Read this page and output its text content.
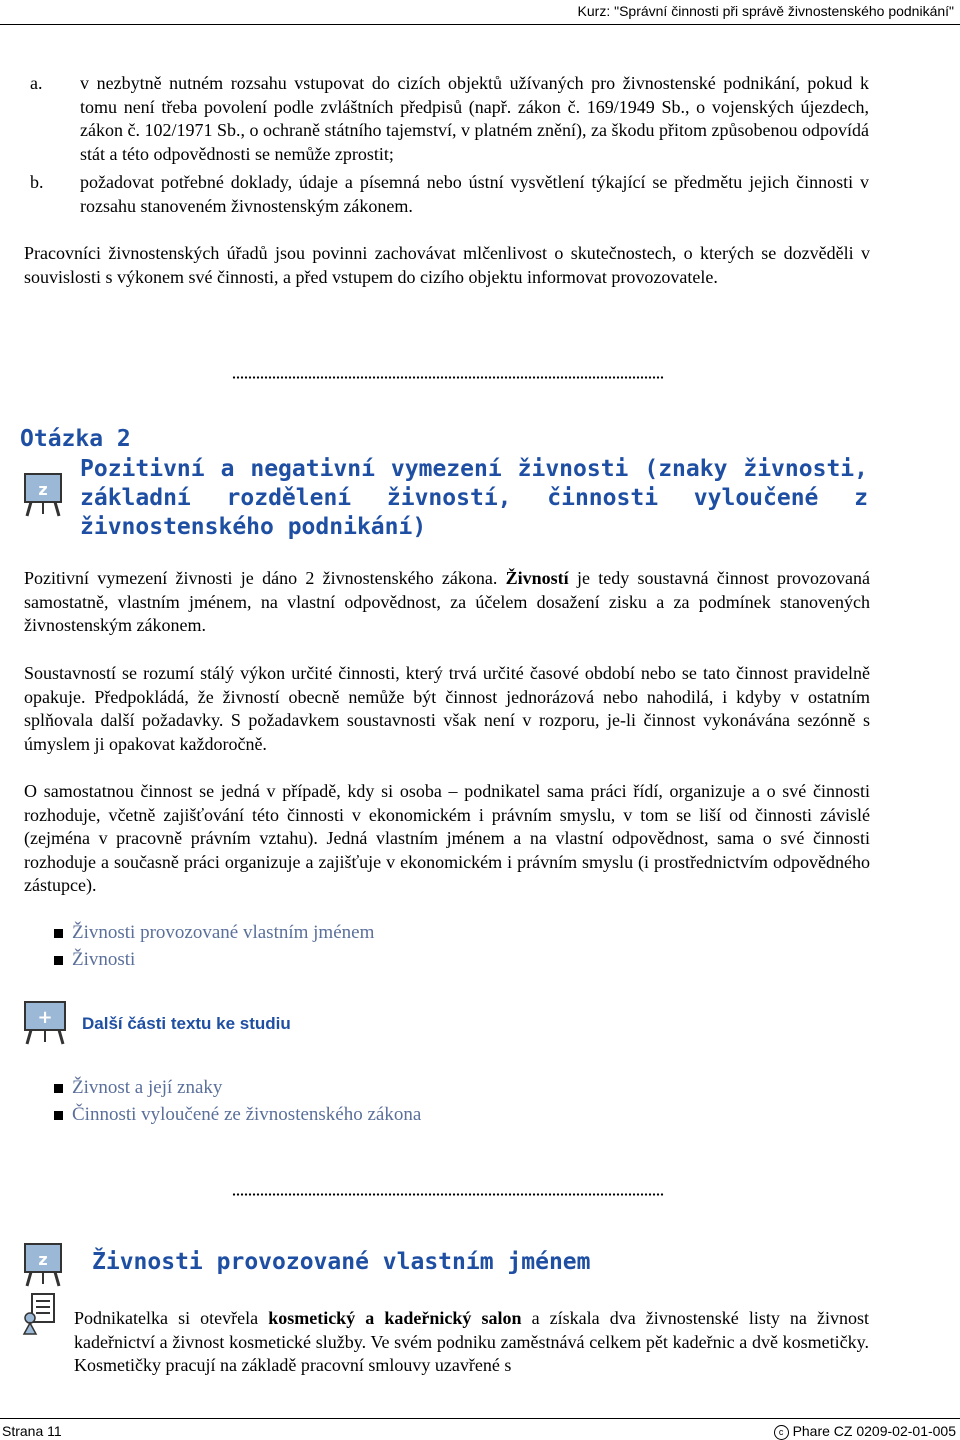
Kurz: "Správní činnosti při správě živnostenského podnikání"
a. v nezbytně nutném rozsahu vstupovat do cizích objektů užívaných pro živnostenské podnikání, pokud k tomu není třeba povolení podle zvláštních předpisů (např. zákon č. 169/1949 Sb., o vojenských újezdech, zákon č. 102/1971 Sb., o ochraně státního tajemství, v platném znění), za škodu přitom způsobenou odpovídá stát a této odpovědnosti se nemůže zprostit;
b. požadovat potřebné doklady, údaje a písemná nebo ústní vysvětlení týkající se předmětu jejich činnosti v rozsahu stanoveném živnostenským zákonem.
Pracovníci živnostenských úřadů jsou povinni zachovávat mlčenlivost o skutečnostech, o kterých se dozvěděli v souvislosti s výkonem své činnosti, a před vstupem do cizího objektu informovat provozovatele.
Otázka 2
z
Pozitivní a negativní vymezení živnosti (znaky živnosti, základní rozdělení živností, činnosti vyloučené z živnostenského podnikání)
Pozitivní vymezení živnosti je dáno 2 živnostenského zákona. Živností je tedy soustavná činnost provozovaná samostatně, vlastním jménem, na vlastní odpovědnost, za účelem dosažení zisku a za podmínek stanovených živnostenským zákonem.
Soustavností se rozumí stálý výkon určité činnosti, který trvá určité časové období nebo se tato činnost pravidelně opakuje. Předpokládá, že živností obecně nemůže být činnost jednorázová nebo nahodilá, i kdyby v ostatním splňovala další požadavky. S požadavkem soustavnosti však není v rozporu, je-li činnost vykonávána sezónně s úmyslem ji opakovat každoročně.
O samostatnou činnost se jedná v případě, kdy si osoba – podnikatel sama práci řídí, organizuje a o své činnosti rozhoduje, včetně zajišťování této činnosti v ekonomickém i právním smyslu, v tom se liší od činnosti závislé (zejména v pracovně právním vztahu). Jedná vlastním jménem a na vlastní odpovědnost, sama o své činnosti rozhoduje a současně práci organizuje a zajišťuje v ekonomickém i právním smyslu (i prostřednictvím odpovědného zástupce).
Živnosti provozované vlastním jménem
Živnosti
+ Další části textu ke studiu
Živnost a její znaky
Činnosti vyloučené ze živnostenského zákona
z Živnosti provozované vlastním jménem
Podnikatelka si otevřela kosmetický a kadeřnický salon a získala dva živnostenské listy na živnost kadeřnictví a živnost kosmetické služby. Ve svém podniku zaměstnává celkem pět kadeřnic a dvě kosmetičky. Kosmetičky pracují na základě pracovní smlouvy uzavřené s
Strana 11	c Phare CZ 0209-02-01-005
